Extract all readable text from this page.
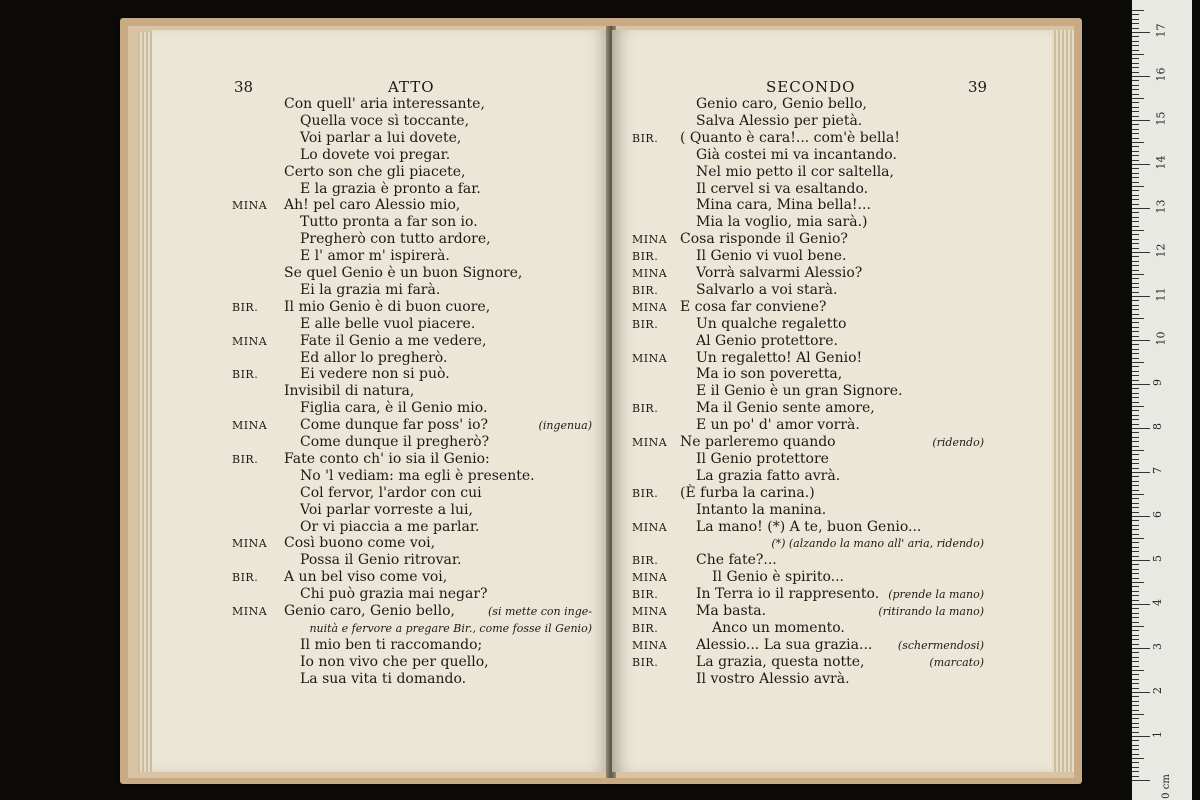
38	ATTO
Con quell' aria interessante,
Quella voce sì toccante,
Voi parlar a lui dovete,
Lo dovete voi pregar.
Certo son che gli piacete,
E la grazia è pronto a far.
MINA Ah! pel caro Alessio mio,
Tutto pronta a far son io.
Pregherò con tutto ardore,
E l' amor m' ispirerà.
Se quel Genio è un buon Signore,
Ei la grazia mi farà.
BIR. Il mio Genio è di buon cuore,
E alle belle vuol piacere.
MINA Fate il Genio a me vedere,
Ed allor lo pregherò.
BIR.	Ei vedere non si può.
Invisibil di natura,
Figlia cara, è il Genio mio.
MINA Come dunque far poss' io?	(ingenua)
Come dunque il pregherò?
BIR. Fate conto ch' io sia il Genio:
No 'l vediam: ma egli è presente.
Col fervor, l'ardor con cui
Voi parlar vorreste a lui,
Or vi piaccia a me parlar.
MINA Così buono come voi,
Possa il Genio ritrovar.
BIR. A un bel viso come voi,
Chi può grazia mai negar?
MINA Genio caro, Genio bello,	(si mette con inge-
nuità e fervore a pregare Bir., come fosse il Genio)
Il mio ben ti raccomando;
Io non vivo che per quello,
La sua vita ti domando.
SECONDO	39
Genio caro, Genio bello,
Salva Alessio per pietà.
BIR. ( Quanto è cara!... com'è bella!
Già costei mi va incantando.
Nel mio petto il cor saltella,
Il cervel si va esaltando.
Mina cara, Mina bella!...
Mia la voglio, mia sarà.)
MINA Cosa risponde il Genio?
BIR.	Il Genio vi vuol bene.
MINA Vorrà salvarmi Alessio?
BIR.	Salvarlo a voi starà.
MINA E cosa far conviene?
BIR.	Un qualche regaletto
Al Genio protettore.
MINA Un regaletto! Al Genio!
Ma io son poveretta,
E il Genio è un gran Signore.
BIR.	Ma il Genio sente amore,
E un po' d' amor vorrà.
MINA Ne parleremo quando	(ridendo)
Il Genio protettore
La grazia fatto avrà.
BIR. (È furba la carina.)
Intanto la manina.
MINA La mano! (*) A te, buon Genio...
(*) (alzando la mano all' aria, ridendo)
BIR.	Che fate?...
MINA	Il Genio è spirito...
BIR.	In Terra io il rappresento. (prende la mano)
MINA Ma basta.	(ritirando la mano)
BIR.	Anco un momento.
MINA Alessio... La sua grazia... (schermendosi)
BIR.	La grazia, questa notte,	(marcato)
Il vostro Alessio avrà.
0 cm
1
2
3
4
5
6
7
8
9
10
11
12
13
14
15
16
17
